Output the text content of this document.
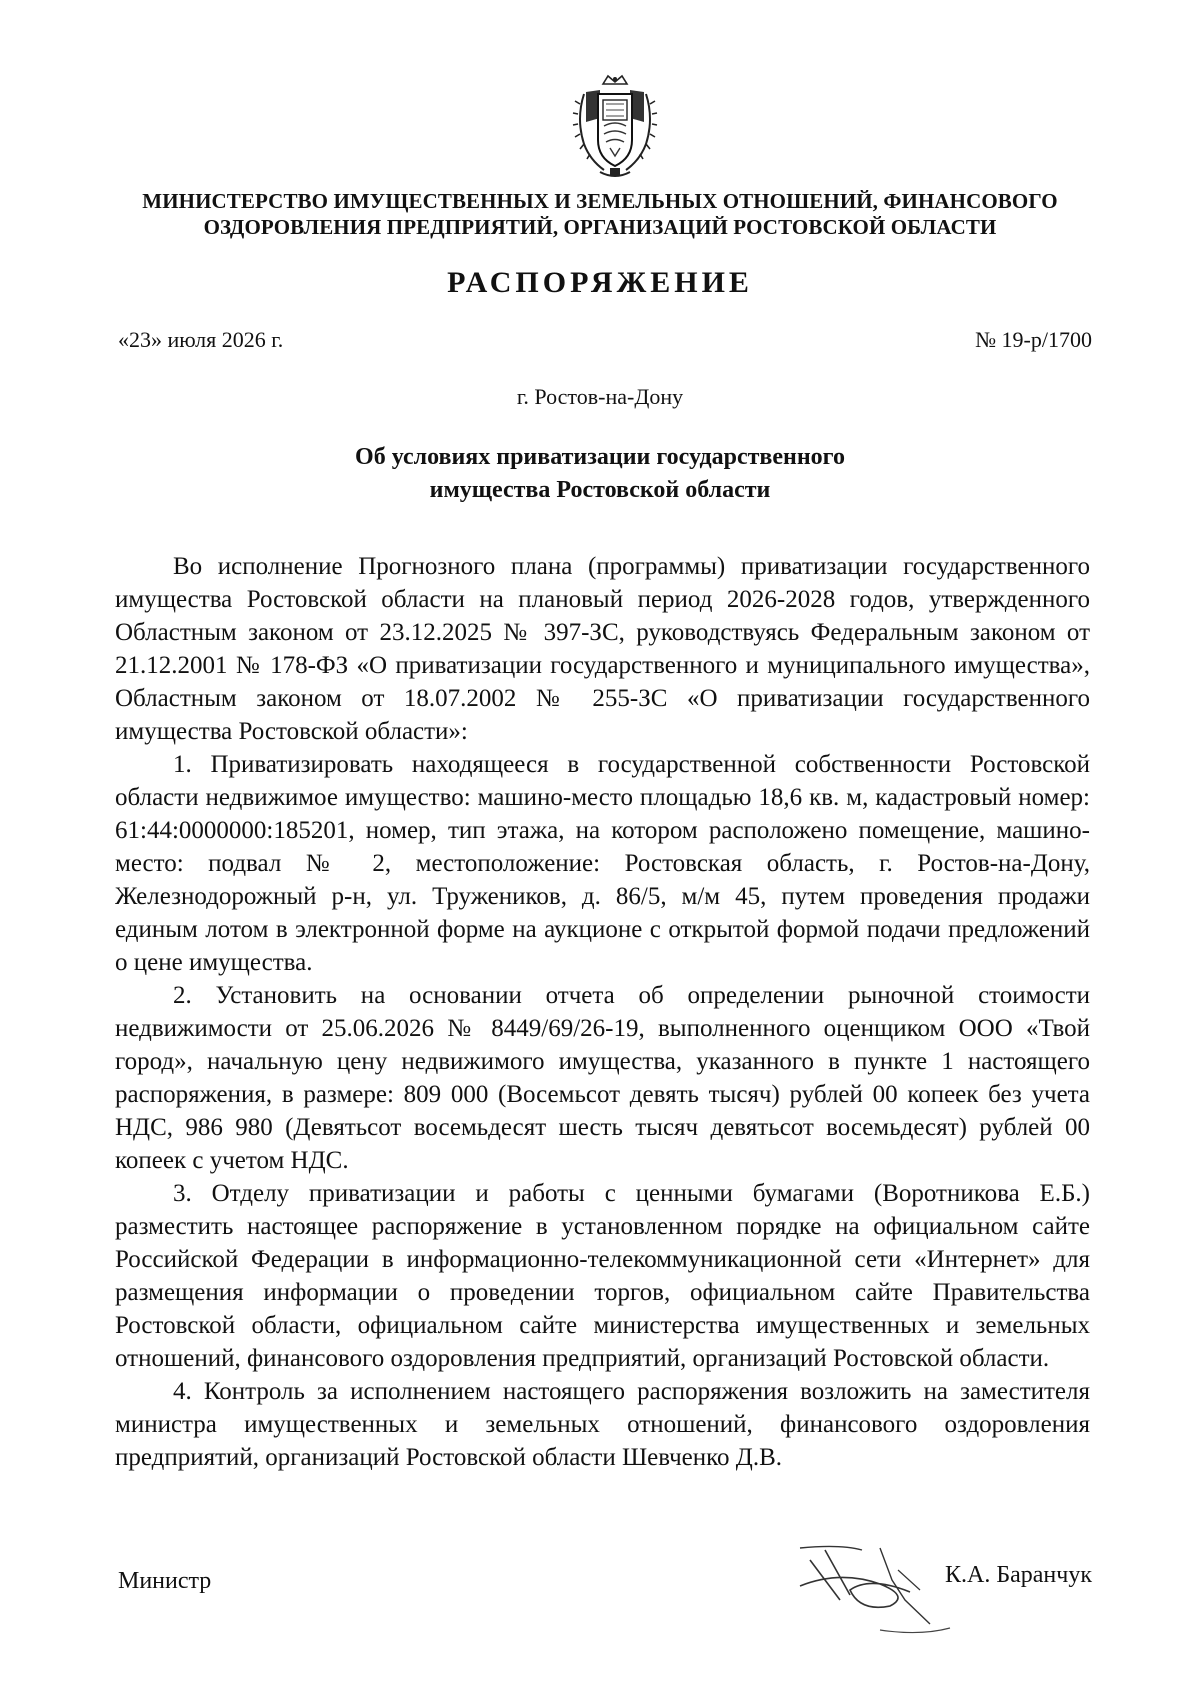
МИНИСТЕРСТВО ИМУЩЕСТВЕННЫХ И ЗЕМЕЛЬНЫХ ОТНОШЕНИЙ, ФИНАНСОВОГО
ОЗДОРОВЛЕНИЯ ПРЕДПРИЯТИЙ, ОРГАНИЗАЦИЙ РОСТОВСКОЙ ОБЛАСТИ
РАСПОРЯЖЕНИЕ
«23» июля 2026 г.	№ 19-р/1700
г. Ростов-на-Дону
Об условиях приватизации государственного
имущества Ростовской области

Во исполнение Прогнозного плана (программы) приватизации государственного имущества Ростовской области на плановый период 2026-2028 годов, утвержденного Областным законом от 23.12.2025 № 397-ЗС, руководствуясь Федеральным законом от 21.12.2001 № 178-ФЗ «О приватизации государственного и муниципального имущества», Областным законом от 18.07.2002 № 255-ЗС «О приватизации государственного имущества Ростовской области»:

1. Приватизировать находящееся в государственной собственности Ростовской области недвижимое имущество: машино-место площадью 18,6 кв. м, кадастровый номер: 61:44:0000000:185201, номер, тип этажа, на котором расположено помещение, машино-место: подвал № 2, местоположение: Ростовская область, г. Ростов-на-Дону, Железнодорожный р-н, ул. Тружеников, д. 86/5, м/м 45, путем проведения продажи единым лотом в электронной форме на аукционе с открытой формой подачи предложений о цене имущества.

2. Установить на основании отчета об определении рыночной стоимости недвижимости от 25.06.2026 № 8449/69/26-19, выполненного оценщиком ООО «Твой город», начальную цену недвижимого имущества, указанного в пункте 1 настоящего распоряжения, в размере: 809 000 (Восемьсот девять тысяч) рублей 00 копеек без учета НДС, 986 980 (Девятьсот восемьдесят шесть тысяч девятьсот восемьдесят) рублей 00 копеек с учетом НДС.

3. Отделу приватизации и работы с ценными бумагами (Воротникова Е.Б.) разместить настоящее распоряжение в установленном порядке на официальном сайте Российской Федерации в информационно-телекоммуникационной сети «Интернет» для размещения информации о проведении торгов, официальном сайте Правительства Ростовской области, официальном сайте министерства имущественных и земельных отношений, финансового оздоровления предприятий, организаций Ростовской области.

4. Контроль за исполнением настоящего распоряжения возложить на заместителя министра имущественных и земельных отношений, финансового оздоровления предприятий, организаций Ростовской области Шевченко Д.В.

Министр	К.А. Баранчук
